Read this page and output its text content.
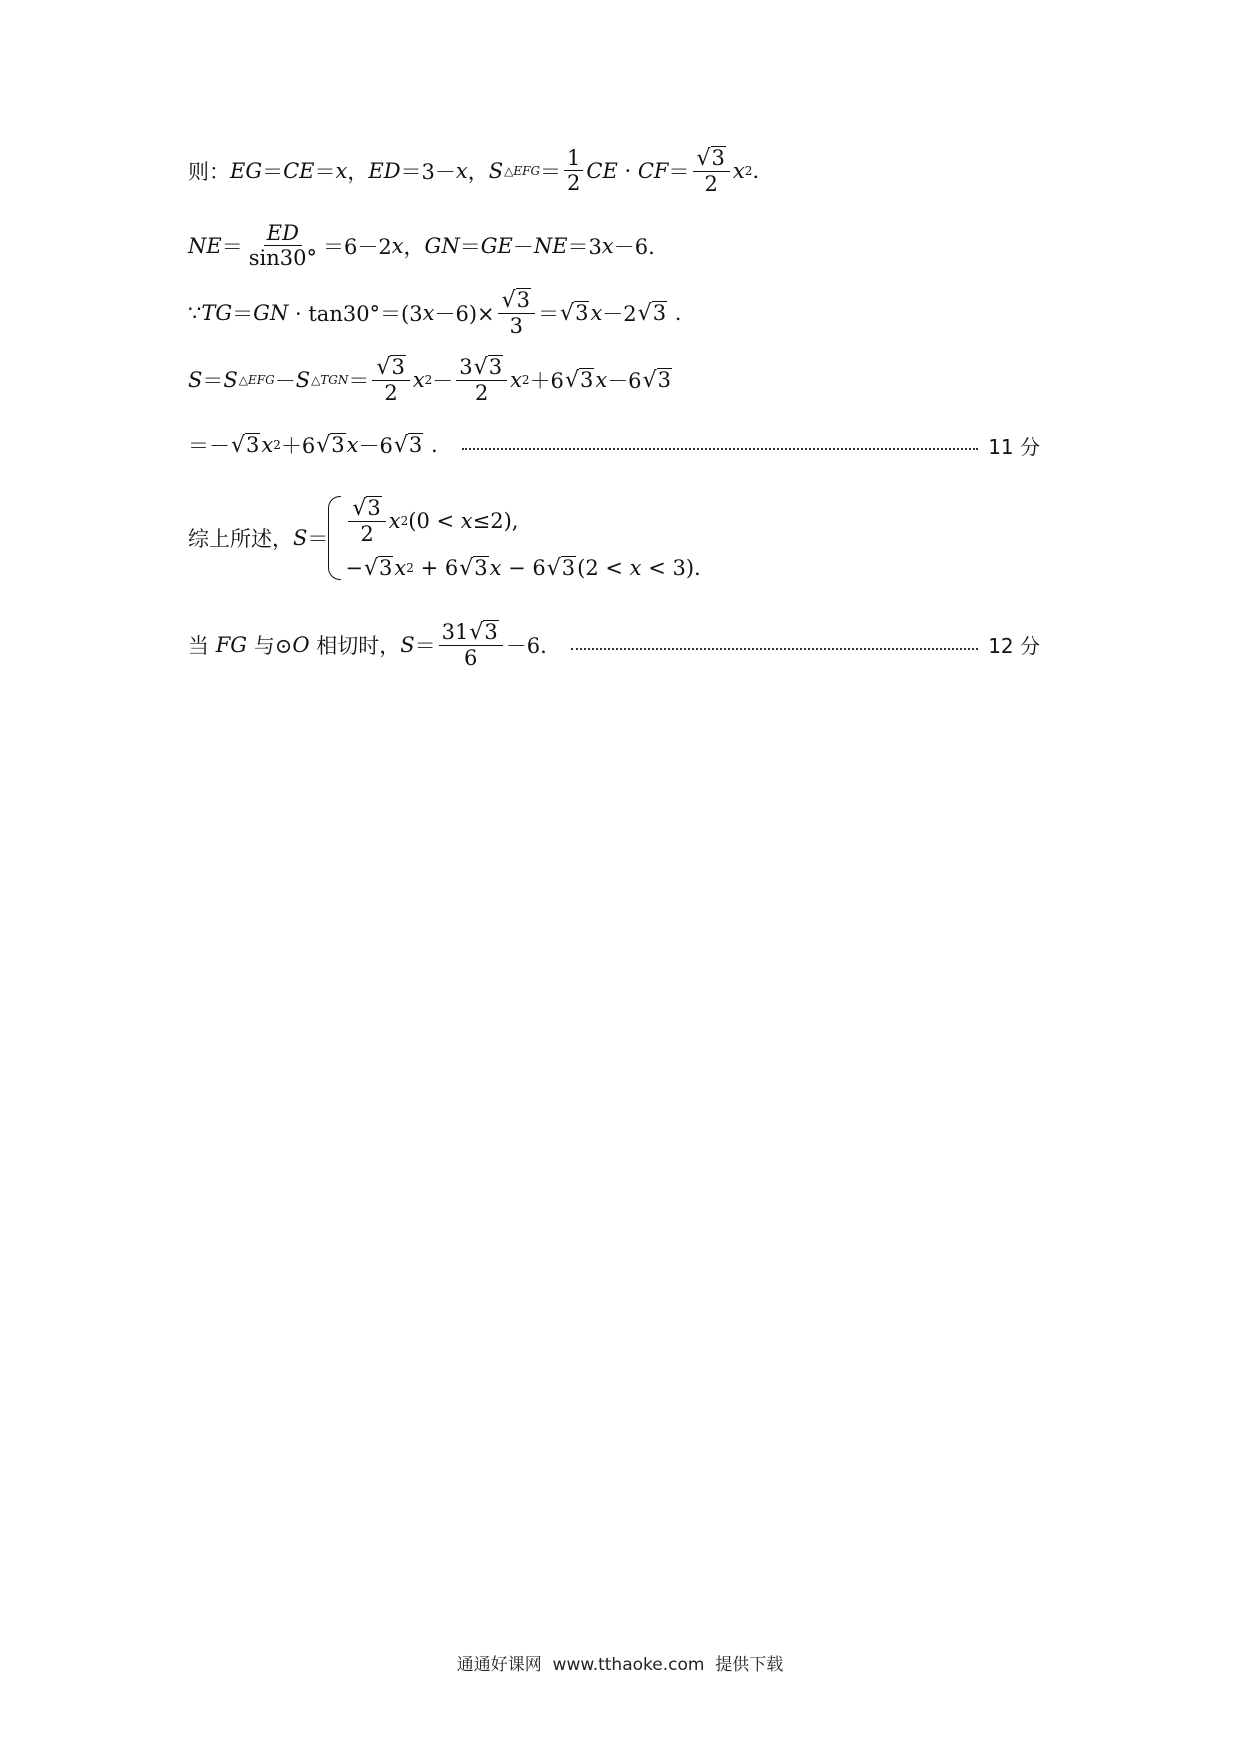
则： EG ＝ CE ＝ x ， ED ＝3－ x ， S △EFG ＝ $\frac{1}{2}$ CE · CF ＝ $\frac{√ 3}{2}$ x 2 .
NE ＝ $\frac{ED}{\sin 30^\circ} =6-2$ x ， GN ＝ GE － NE ＝3 x －6.
∵ TG ＝ GN · tan30°＝(3 $x -6)\times \frac{√ 3}{3}$ ＝ √ 3 x －2 √ 3 .
S ＝ S △EFG － S △TGN ＝ $\frac{√ 3}{2}$ x $2 - \frac{3 √ 3}{2}$ x 2 ＋6 √ 3 x －6 √ 3
＝－ √ 3 x 2 ＋6 √ 3 x －6 √ 3 .	11 分
综上所述， $S = \frac{√ 3}{2}$ x 2 (0 < x ≤2),
− √ 3 x 2 + 6 √ 3 x − 6 √ 3 (2 < x < 3).
当 FG 与⊙ O 相切时， $S = \frac{31 √ 3}{6} -6$.	12 分
通通好课网  www.tthaoke.com  提供下载
